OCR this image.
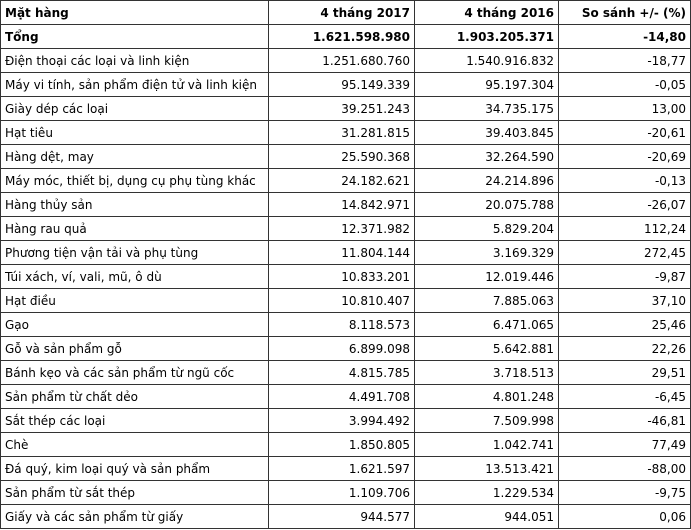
Mặt hàng	4 tháng 2017	4 tháng 2016	So sánh +/- (%)
Tổng	1.621.598.980	1.903.205.371	-14,80
Điện thoại các loại và linh kiện	1.251.680.760	1.540.916.832	-18,77
Máy vi tính, sản phẩm điện tử và linh kiện	95.149.339	95.197.304	-0,05
Giày dép các loại	39.251.243	34.735.175	13,00
Hạt tiêu	31.281.815	39.403.845	-20,61
Hàng dệt, may	25.590.368	32.264.590	-20,69
Máy móc, thiết bị, dụng cụ phụ tùng khác	24.182.621	24.214.896	-0,13
Hàng thủy sản	14.842.971	20.075.788	-26,07
Hàng rau quả	12.371.982	5.829.204	112,24
Phương tiện vận tải và phụ tùng	11.804.144	3.169.329	272,45
Túi xách, ví, vali, mũ, ô dù	10.833.201	12.019.446	-9,87
Hạt điều	10.810.407	7.885.063	37,10
Gạo	8.118.573	6.471.065	25,46
Gỗ và sản phẩm gỗ	6.899.098	5.642.881	22,26
Bánh kẹo và các sản phẩm từ ngũ cốc	4.815.785	3.718.513	29,51
Sản phẩm từ chất dẻo	4.491.708	4.801.248	-6,45
Sắt thép các loại	3.994.492	7.509.998	-46,81
Chè	1.850.805	1.042.741	77,49
Đá quý, kim loại quý và sản phẩm	1.621.597	13.513.421	-88,00
Sản phẩm từ sắt thép	1.109.706	1.229.534	-9,75
Giấy và các sản phẩm từ giấy	944.577	944.051	0,06
